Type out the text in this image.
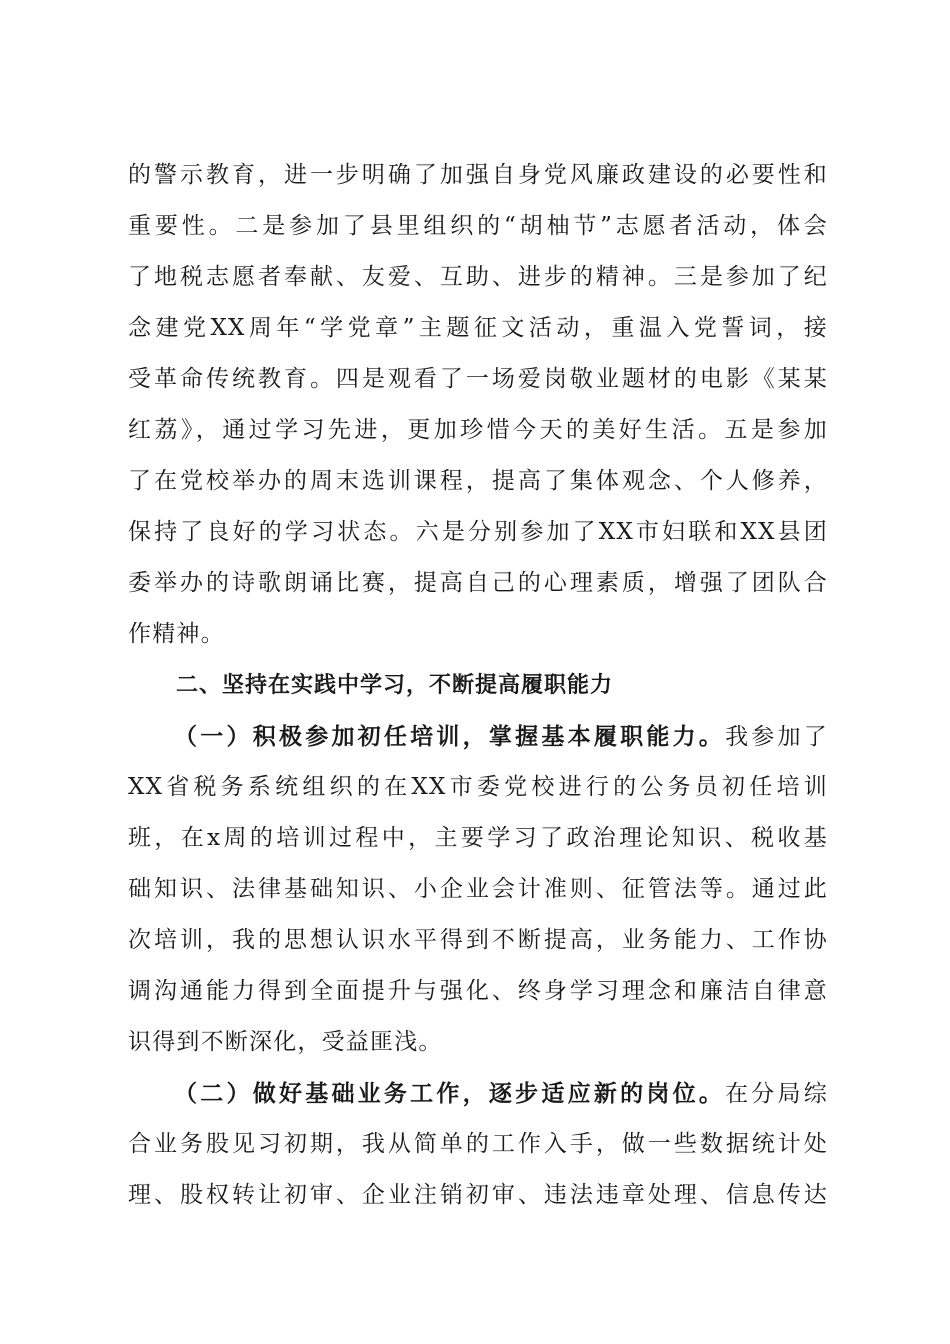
的警示教育，进一步明确了加强自身党风廉政建设的必要性和
重要性。二是参加了县里组织的“胡柚节”志愿者活动，体会
了地税志愿者奉献、友爱、互助、进步的精神。三是参加了纪
念建党XX周年“学党章”主题征文活动，重温入党誓词，接
受革命传统教育。四是观看了一场爱岗敬业题材的电影《某某
红荔》，通过学习先进，更加珍惜今天的美好生活。五是参加
了在党校举办的周末选训课程，提高了集体观念、个人修养，
保持了良好的学习状态。六是分别参加了XX市妇联和XX县团
委举办的诗歌朗诵比赛，提高自己的心理素质，增强了团队合
作精神。
二、坚持在实践中学习，不断提高履职能力
（一）积极参加初任培训，掌握基本履职能力。我参加了
XX省税务系统组织的在XX市委党校进行的公务员初任培训
班，在x周的培训过程中，主要学习了政治理论知识、税收基
础知识、法律基础知识、小企业会计准则、征管法等。通过此
次培训，我的思想认识水平得到不断提高，业务能力、工作协
调沟通能力得到全面提升与强化、终身学习理念和廉洁自律意
识得到不断深化，受益匪浅。
（二）做好基础业务工作，逐步适应新的岗位。在分局综
合业务股见习初期，我从简单的工作入手，做一些数据统计处
理、股权转让初审、企业注销初审、违法违章处理、信息传达
